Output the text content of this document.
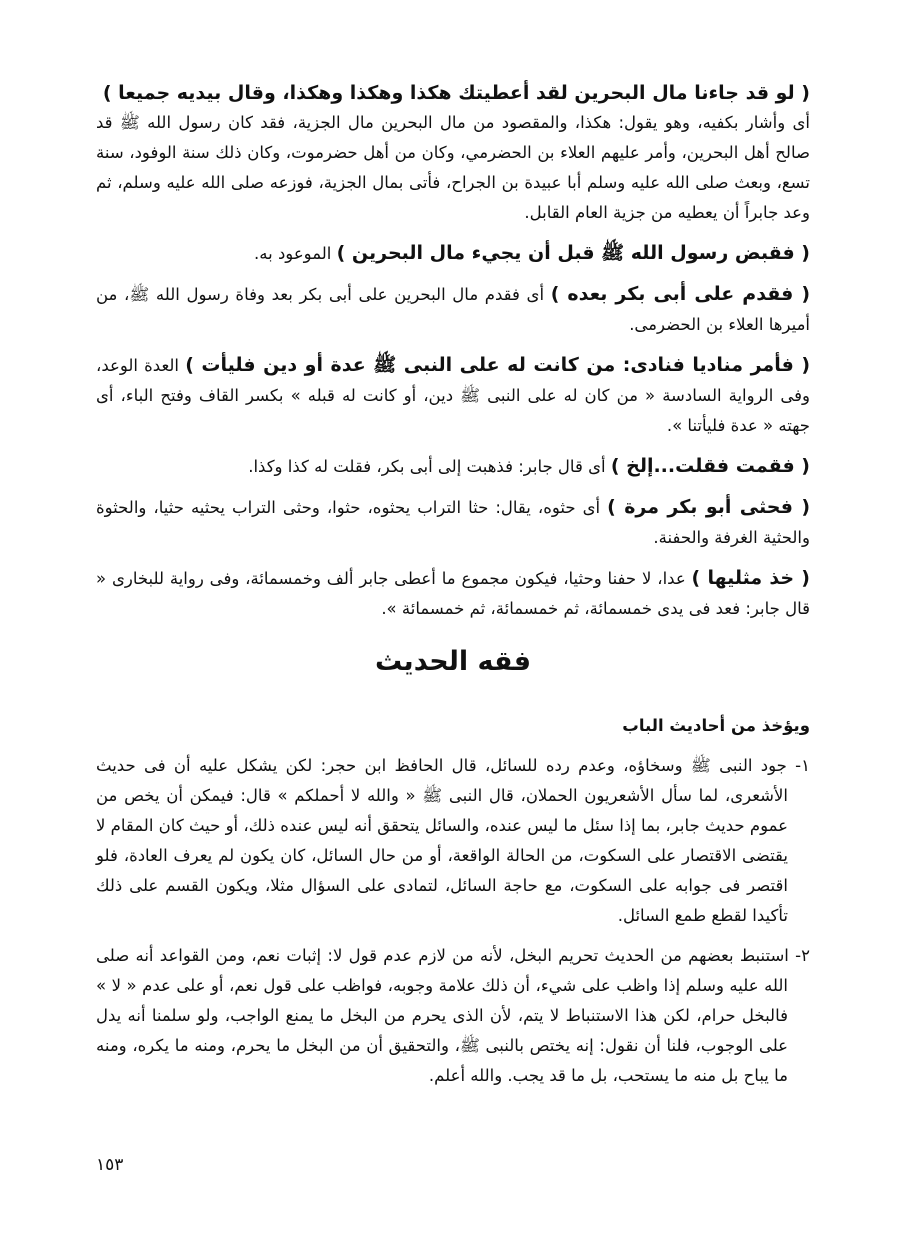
( لو قد جاءنا مال البحرين لقد أعطيتك هكذا وهكذا وهكذا، وقال بيديه جميعا )

أى وأشار بكفيه، وهو يقول: هكذا، والمقصود من مال البحرين مال الجزية، فقد كان رسول الله ﷺ قد صالح أهل البحرين، وأمر عليهم العلاء بن الحضرمي، وكان من أهل حضرموت، وكان ذلك سنة الوفود، سنة تسع، وبعث صلى الله عليه وسلم أبا عبيدة بن الجراح، فأتى بمال الجزية، فوزعه صلى الله عليه وسلم، ثم وعد جابراً أن يعطيه من جزية العام القابل.

( فقبض رسول الله ﷺ قبل أن يجيء مال البحرين ) الموعود به.

( فقدم على أبى بكر بعده ) أى فقدم مال البحرين على أبى بكر بعد وفاة رسول الله ﷺ، من أميرها العلاء بن الحضرمى.

( فأمر مناديا فنادى: من كانت له على النبى ﷺ عدة أو دين فليأت ) العدة الوعد، وفى الرواية السادسة « من كان له على النبى ﷺ دين، أو كانت له قبله » بكسر القاف وفتح الباء، أى جهته « عدة فليأتنا ».

( فقمت فقلت...إلخ ) أى قال جابر: فذهبت إلى أبى بكر، فقلت له كذا وكذا.

( فحثى أبو بكر مرة ) أى حثوه، يقال: حثا التراب يحثوه، حثوا، وحثى التراب يحثيه حثيا، والحثوة والحثية الغرفة والحفنة.

( خذ مثليها ) عدا، لا حفنا وحثيا، فيكون مجموع ما أعطى جابر ألف وخمسمائة، وفى رواية للبخارى « قال جابر: فعد فى يدى خمسمائة، ثم خمسمائة، ثم خمسمائة ».

فقه الحديث
ويؤخذ من أحاديث الباب

١- جود النبى ﷺ وسخاؤه، وعدم رده للسائل، قال الحافظ ابن حجر: لكن يشكل عليه أن فى حديث الأشعرى، لما سأل الأشعريون الحملان، قال النبى ﷺ « والله لا أحملكم » قال: فيمكن أن يخص من عموم حديث جابر، بما إذا سئل ما ليس عنده، والسائل يتحقق أنه ليس عنده ذلك، أو حيث كان المقام لا يقتضى الاقتصار على السكوت، من الحالة الواقعة، أو من حال السائل، كان يكون لم يعرف العادة، فلو اقتصر فى جوابه على السكوت، مع حاجة السائل، لتمادى على السؤال مثلا، ويكون القسم على ذلك تأكيدا لقطع طمع السائل.

٢- استنبط بعضهم من الحديث تحريم البخل، لأنه من لازم عدم قول لا: إثبات نعم، ومن القواعد أنه صلى الله عليه وسلم إذا واظب على شيء، أن ذلك علامة وجوبه، فواظب على قول نعم، أو على عدم « لا » فالبخل حرام، لكن هذا الاستنباط لا يتم، لأن الذى يحرم من البخل ما يمنع الواجب، ولو سلمنا أنه يدل على الوجوب، فلنا أن نقول: إنه يختص بالنبى ﷺ، والتحقيق أن من البخل ما يحرم، ومنه ما يكره، ومنه ما يباح بل منه ما يستحب، بل ما قد يجب. والله أعلم.

١٥٣
